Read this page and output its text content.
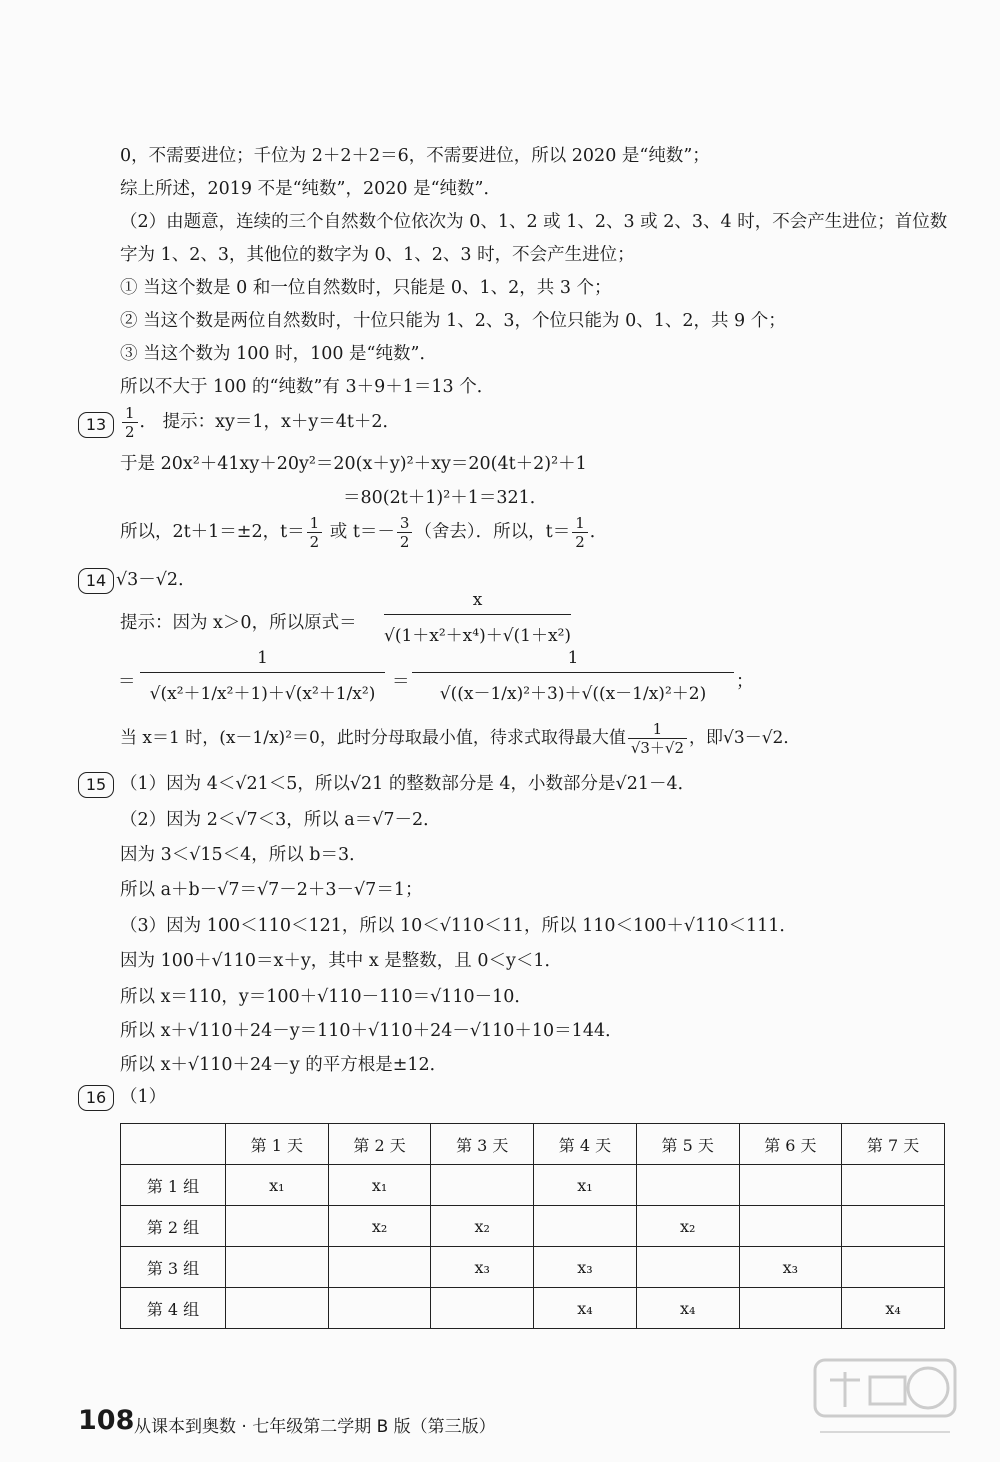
0，不需要进位；千位为 2＋2＋2＝6，不需要进位，所以 2020 是“纯数”；
综上所述，2019 不是“纯数”，2020 是“纯数”．
（2）由题意，连续的三个自然数个位依次为 0、1、2 或 1、2、3 或 2、3、4 时，不会产生进位；首位数
字为 1、2、3，其他位的数字为 0、1、2、3 时，不会产生进位；
① 当这个数是 0 和一位自然数时，只能是 0、1、2，共 3 个；
② 当这个数是两位自然数时，十位只能为 1、2、3，个位只能为 0、1、2，共 9 个；
③ 当这个数为 100 时，100 是“纯数”．
所以不大于 100 的“纯数”有 3＋9＋1＝13 个．
13	$\frac{1}{2}$ ． 提示：xy＝1，x＋y＝4t＋2．
于是 20x²＋41xy＋20y²＝20(x＋y)²＋xy＝20(4t＋2)²＋1
＝80(2t＋1)²＋1＝321．
所以，2t＋1＝±2，$t= \frac{1}{2}$ 或 $t=- \frac{3}{2}$ （舍去）．所以，$t= \frac{1}{2}$ ．
14 √3－√2．
提示：因为 x＞0，所以原式＝ $\frac{x}{\text{√(1＋x²＋x⁴)＋√(1＋x²)}}$
＝ $\frac{1}{\text{√(x²＋1/x²＋1)＋√(x²＋1/x²)}} = \frac{1}{\text{√((x－1/x)²＋3)＋√((x－1/x)²＋2)}}$ ；
当 x＝1 时，(x－1/x)²＝0，此时分母取最小值，待求式取得最大值 $\frac{1}{√3+√2}$ ，即√3－√2．
15 （1）因为 4＜√21＜5，所以√21 的整数部分是 4，小数部分是√21－4．
（2）因为 2＜√7＜3，所以 a＝√7－2．
因为 3＜√15＜4，所以 b＝3．
所以 a＋b－√7＝√7－2＋3－√7＝1；
（3）因为 100＜110＜121，所以 10＜√110＜11，所以 110＜100＋√110＜111．
因为 100＋√110＝x＋y，其中 x 是整数，且 0＜y＜1．
所以 x＝110，y＝100＋√110－110＝√110－10．
所以 x＋√110＋24－y＝110＋√110＋24－√110＋10＝144．
所以 x＋√110＋24－y 的平方根是±12．
16 （1）
	第 1 天	第 2 天	第 3 天	第 4 天	第 5 天	第 6 天	第 7 天
第 1 组	x₁	x₁		x₁			
第 2 组		x₂	x₂		x₂		
第 3 组			x₃	x₃		x₃	
第 4 组				x₄	x₄		x₄
108 从课本到奥数 · 七年级第二学期 B 版（第三版）
